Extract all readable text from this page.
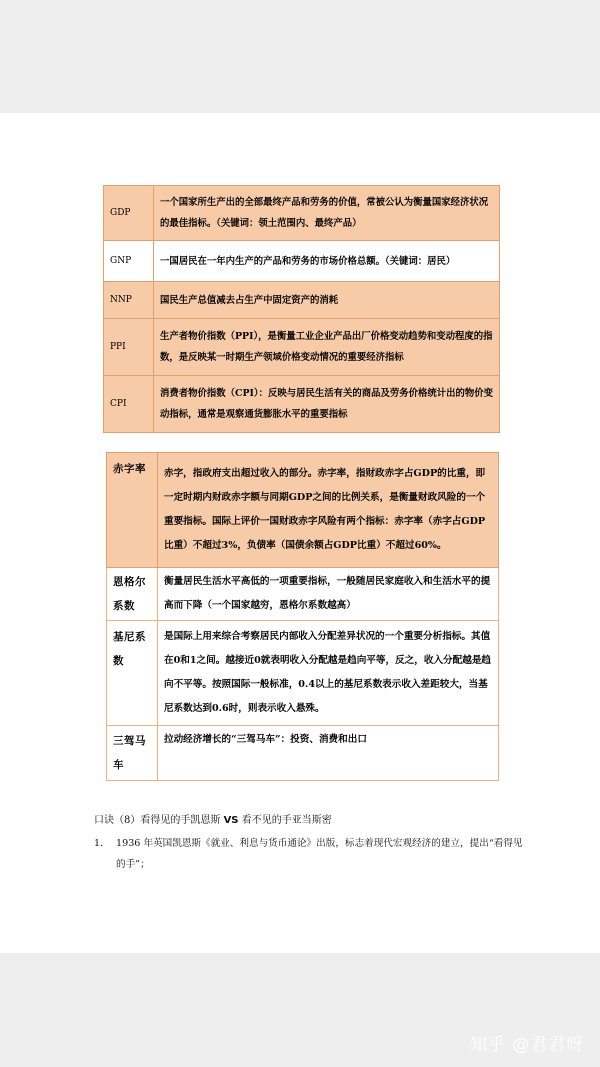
GDP	一个国家所生产出的全部最终产品和劳务的价值，常被公认为衡量国家经济状况的最佳指标。（关键词：领土范围内、最终产品）
GNP	一国居民在一年内生产的产品和劳务的市场价格总额。（关键词：居民）
NNP	国民生产总值减去占生产中固定资产的消耗
PPI	生产者物价指数（PPI），是衡量工业企业产品出厂价格变动趋势和变动程度的指数，是反映某一时期生产领域价格变动情况的重要经济指标
CPI	消费者物价指数（CPI）：反映与居民生活有关的商品及劳务价格统计出的物价变动指标，通常是观察通货膨胀水平的重要指标
赤字率	赤字，指政府支出超过收入的部分。赤字率，指财政赤字占GDP的比重，即一定时期内财政赤字额与同期GDP之间的比例关系，是衡量财政风险的一个重要指标。国际上评价一国财政赤字风险有两个指标：赤字率（赤字占GDP比重）不超过3%，负债率（国债余额占GDP比重）不超过60%。
恩格尔系数	衡量居民生活水平高低的一项重要指标，一般随居民家庭收入和生活水平的提高而下降（一个国家越穷，恩格尔系数越高）
基尼系数	是国际上用来综合考察居民内部收入分配差异状况的一个重要分析指标。其值在0和1之间。越接近0就表明收入分配越是趋向平等，反之，收入分配越是趋向不平等。按照国际一般标准，0.4以上的基尼系数表示收入差距较大，当基尼系数达到0.6时，则表示收入悬殊。
三驾马车	拉动经济增长的“三驾马车”：投资、消费和出口
口诀（8）看得见的手凯恩斯 VS 看不见的手亚当斯密
1. 1936 年英国凯恩斯《就业、利息与货币通论》出版，标志着现代宏观经济的建立，提出“看得见的手”；
知乎 @君君呀
